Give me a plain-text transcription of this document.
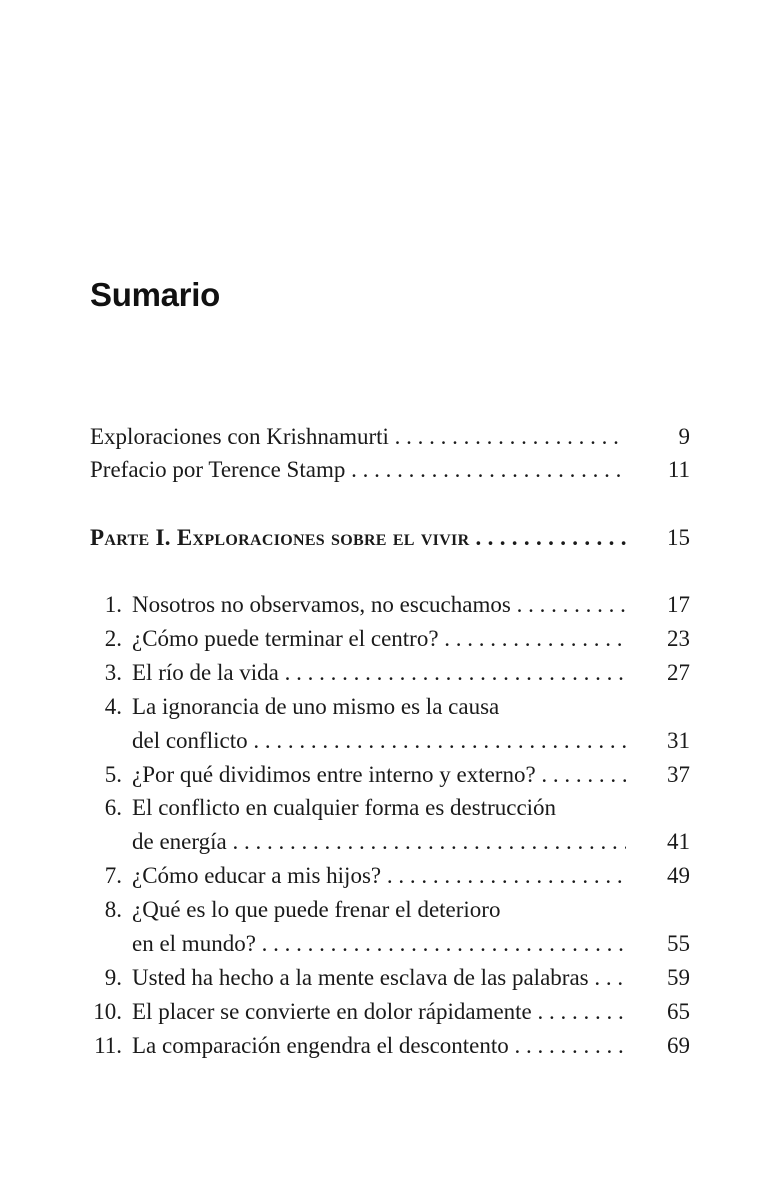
Sumario
Exploraciones con Krishnamurti . . .	9
Prefacio por Terence Stamp . . .	11
Parte I. Exploraciones sobre el vivir . . .	15
1. Nosotros no observamos, no escuchamos . . .	17
2. ¿Cómo puede terminar el centro? . . .	23
3. El río de la vida . . .	27
4. La ignorancia de uno mismo es la causa
del conflicto . . .	31
5. ¿Por qué dividimos entre interno y externo? . . .	37
6. El conflicto en cualquier forma es destrucción
de energía . . .	41
7. ¿Cómo educar a mis hijos? . . .	49
8. ¿Qué es lo que puede frenar el deterioro
en el mundo? . . .	55
9. Usted ha hecho a la mente esclava de las palabras . . .	59
10. El placer se convierte en dolor rápidamente . . .	65
11. La comparación engendra el descontento . . .	69
